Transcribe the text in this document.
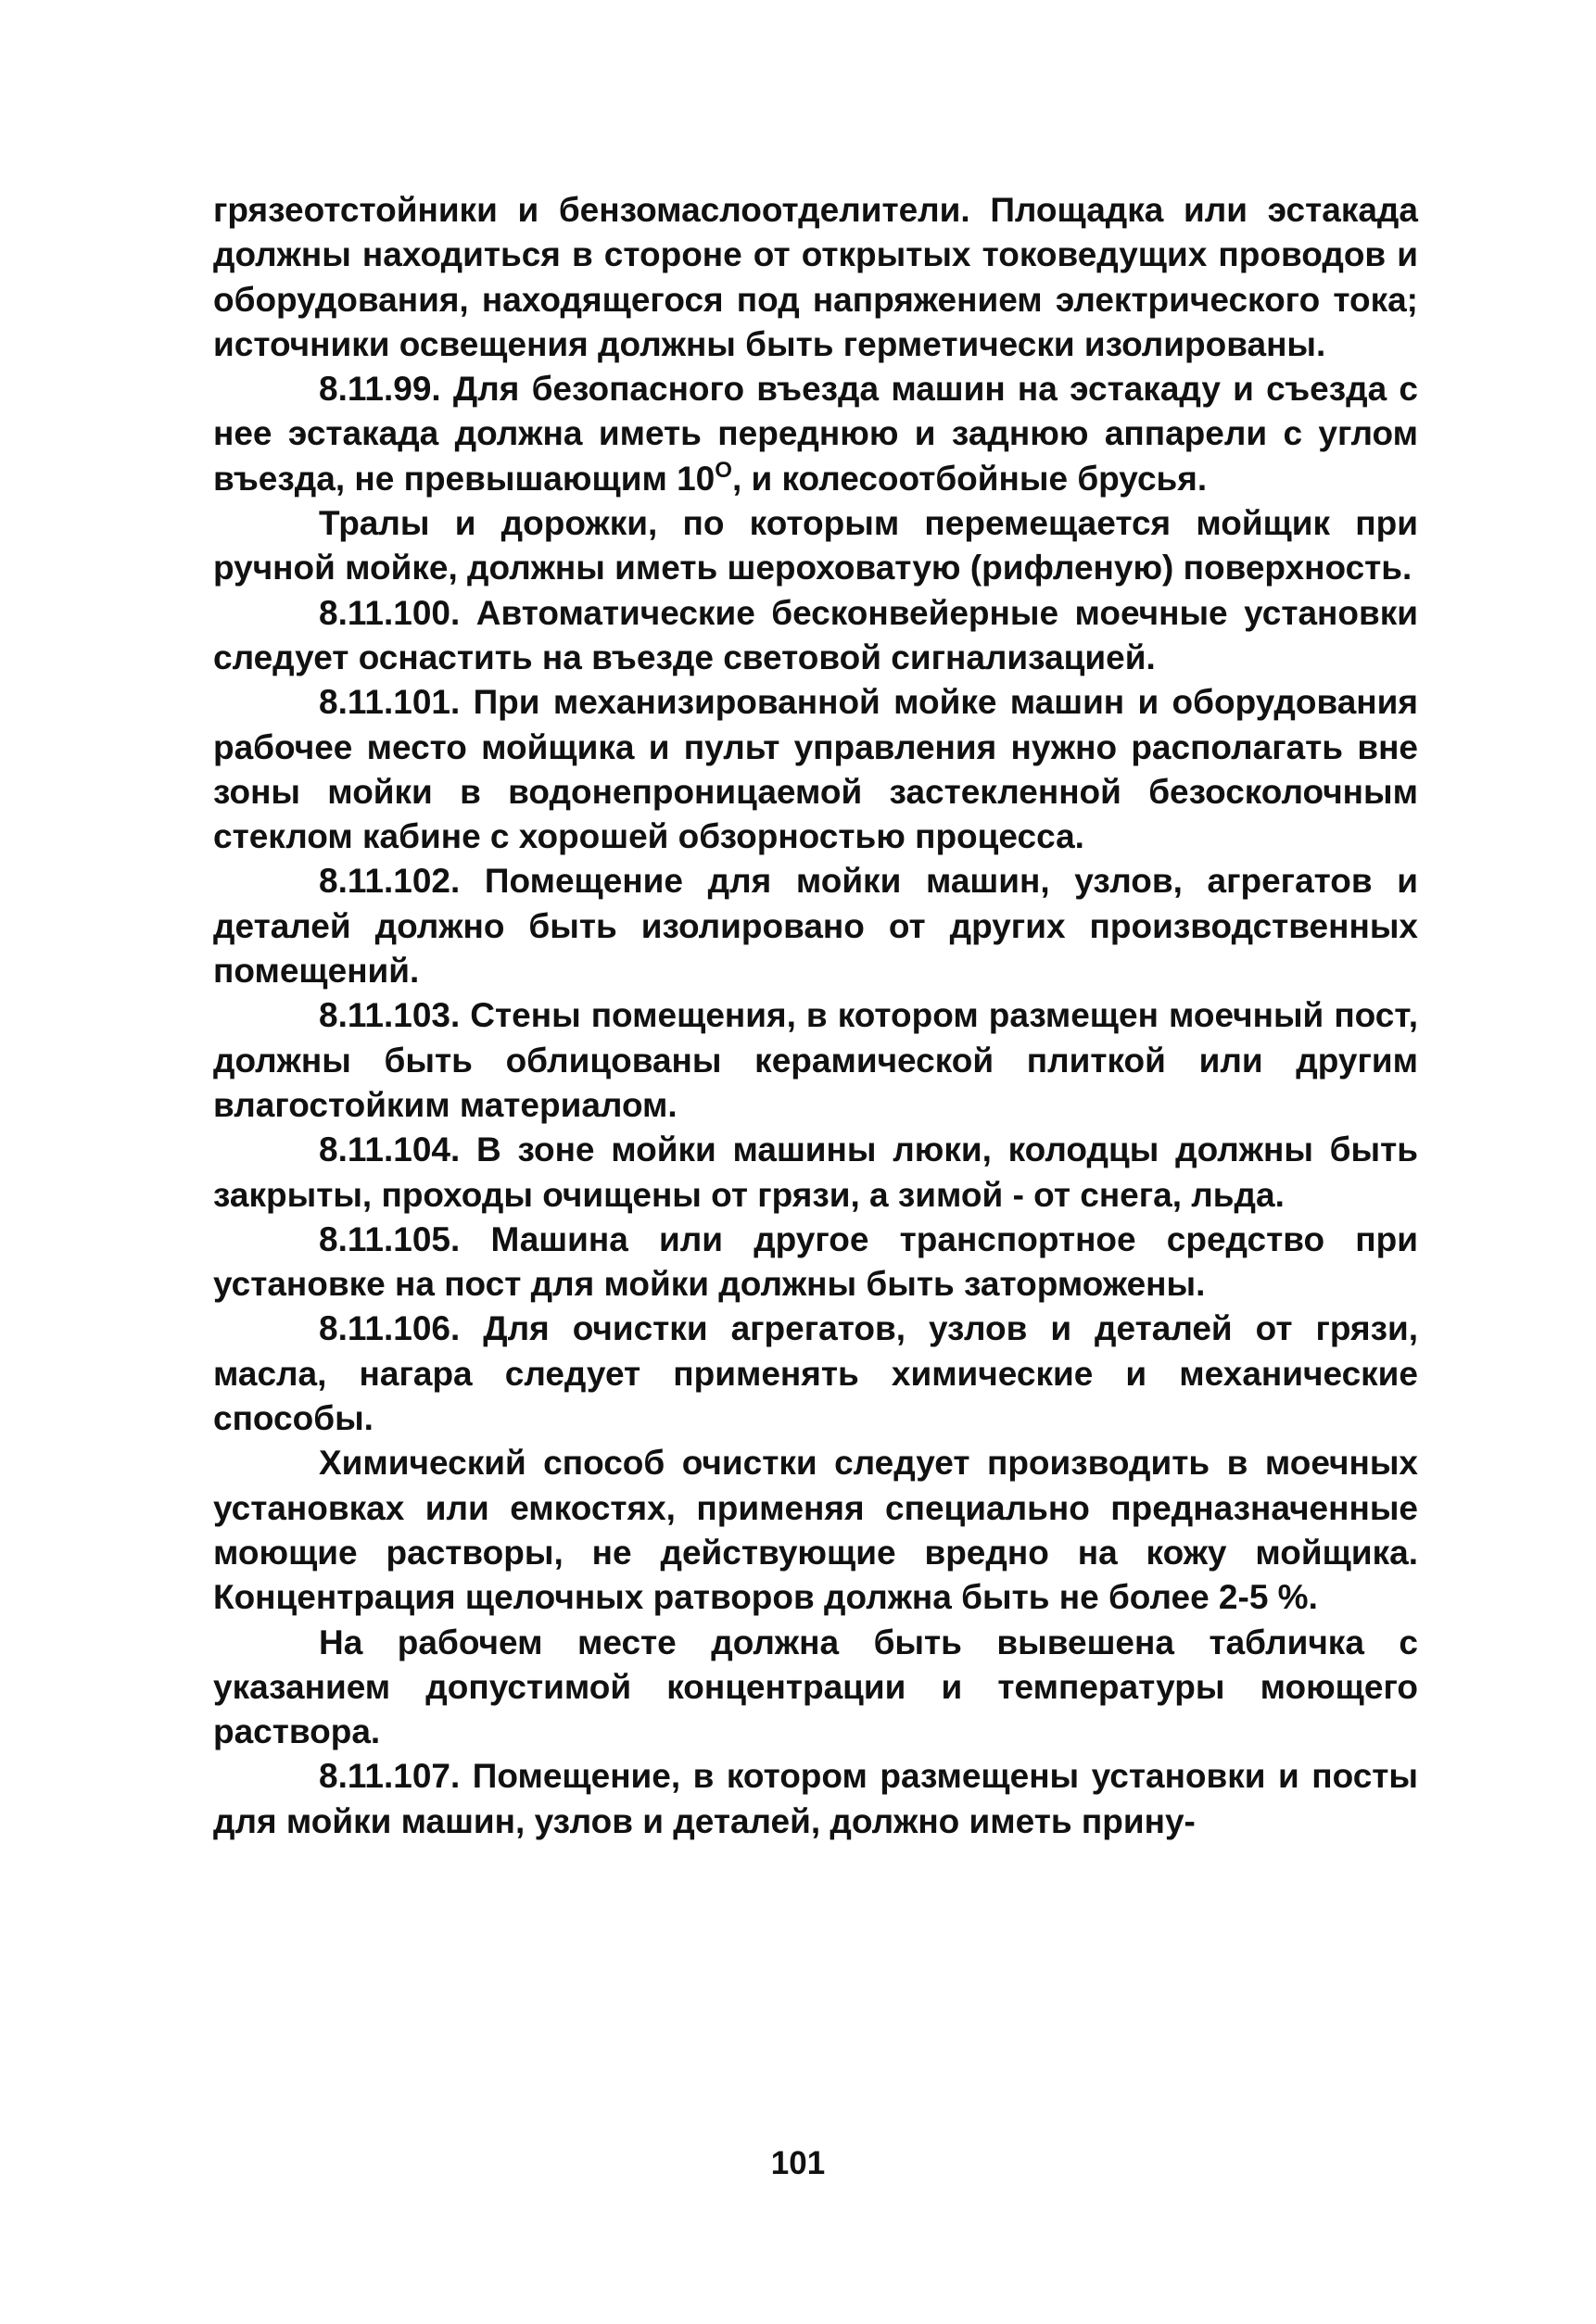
грязеотстойники и бензомаслоотделители. Площадка или эстакада должны находиться в стороне от открытых токоведущих проводов и оборудования, находящегося под напряжением электрического тока; источники освещения должны быть герметически изолированы.

8.11.99. Для безопасного въезда машин на эстакаду и съезда с нее эстакада должна иметь переднюю и заднюю аппарели с углом въезда, не превышающим $10^О$, и колесоотбойные брусья.

Тралы и дорожки, по которым перемещается мойщик при ручной мойке, должны иметь шероховатую (рифленую) поверхность.

8.11.100. Автоматические бесконвейерные моечные установки следует оснастить на въезде световой сигнализацией.

8.11.101. При механизированной мойке машин и оборудования рабочее место мойщика и пульт управления нужно располагать вне зоны мойки в водонепроницаемой застекленной безосколочным стеклом кабине с хорошей обзорностью процесса.

8.11.102. Помещение для мойки машин, узлов, агрегатов и деталей должно быть изолировано от других производственных помещений.

8.11.103. Стены помещения, в котором размещен моечный пост, должны быть облицованы керамической плиткой или другим влагостойким материалом.

8.11.104. В зоне мойки машины люки, колодцы должны быть закрыты, проходы очищены от грязи, а зимой - от снега, льда.

8.11.105. Машина или другое транспортное средство при установке на пост для мойки должны быть заторможены.

8.11.106. Для очистки агрегатов, узлов и деталей от грязи, масла, нагара следует применять химические и механические способы.

Химический способ очистки следует производить в моечных установках или емкостях, применяя специально предназначенные моющие растворы, не действующие вредно на кожу мойщика. Концентрация щелочных ратворов должна быть не более 2-5 %.

На рабочем месте должна быть вывешена табличка с указанием допустимой концентрации и температуры моющего раствора.

8.11.107. Помещение, в котором размещены установки и посты для мойки машин, узлов и деталей, должно иметь прину-

101
